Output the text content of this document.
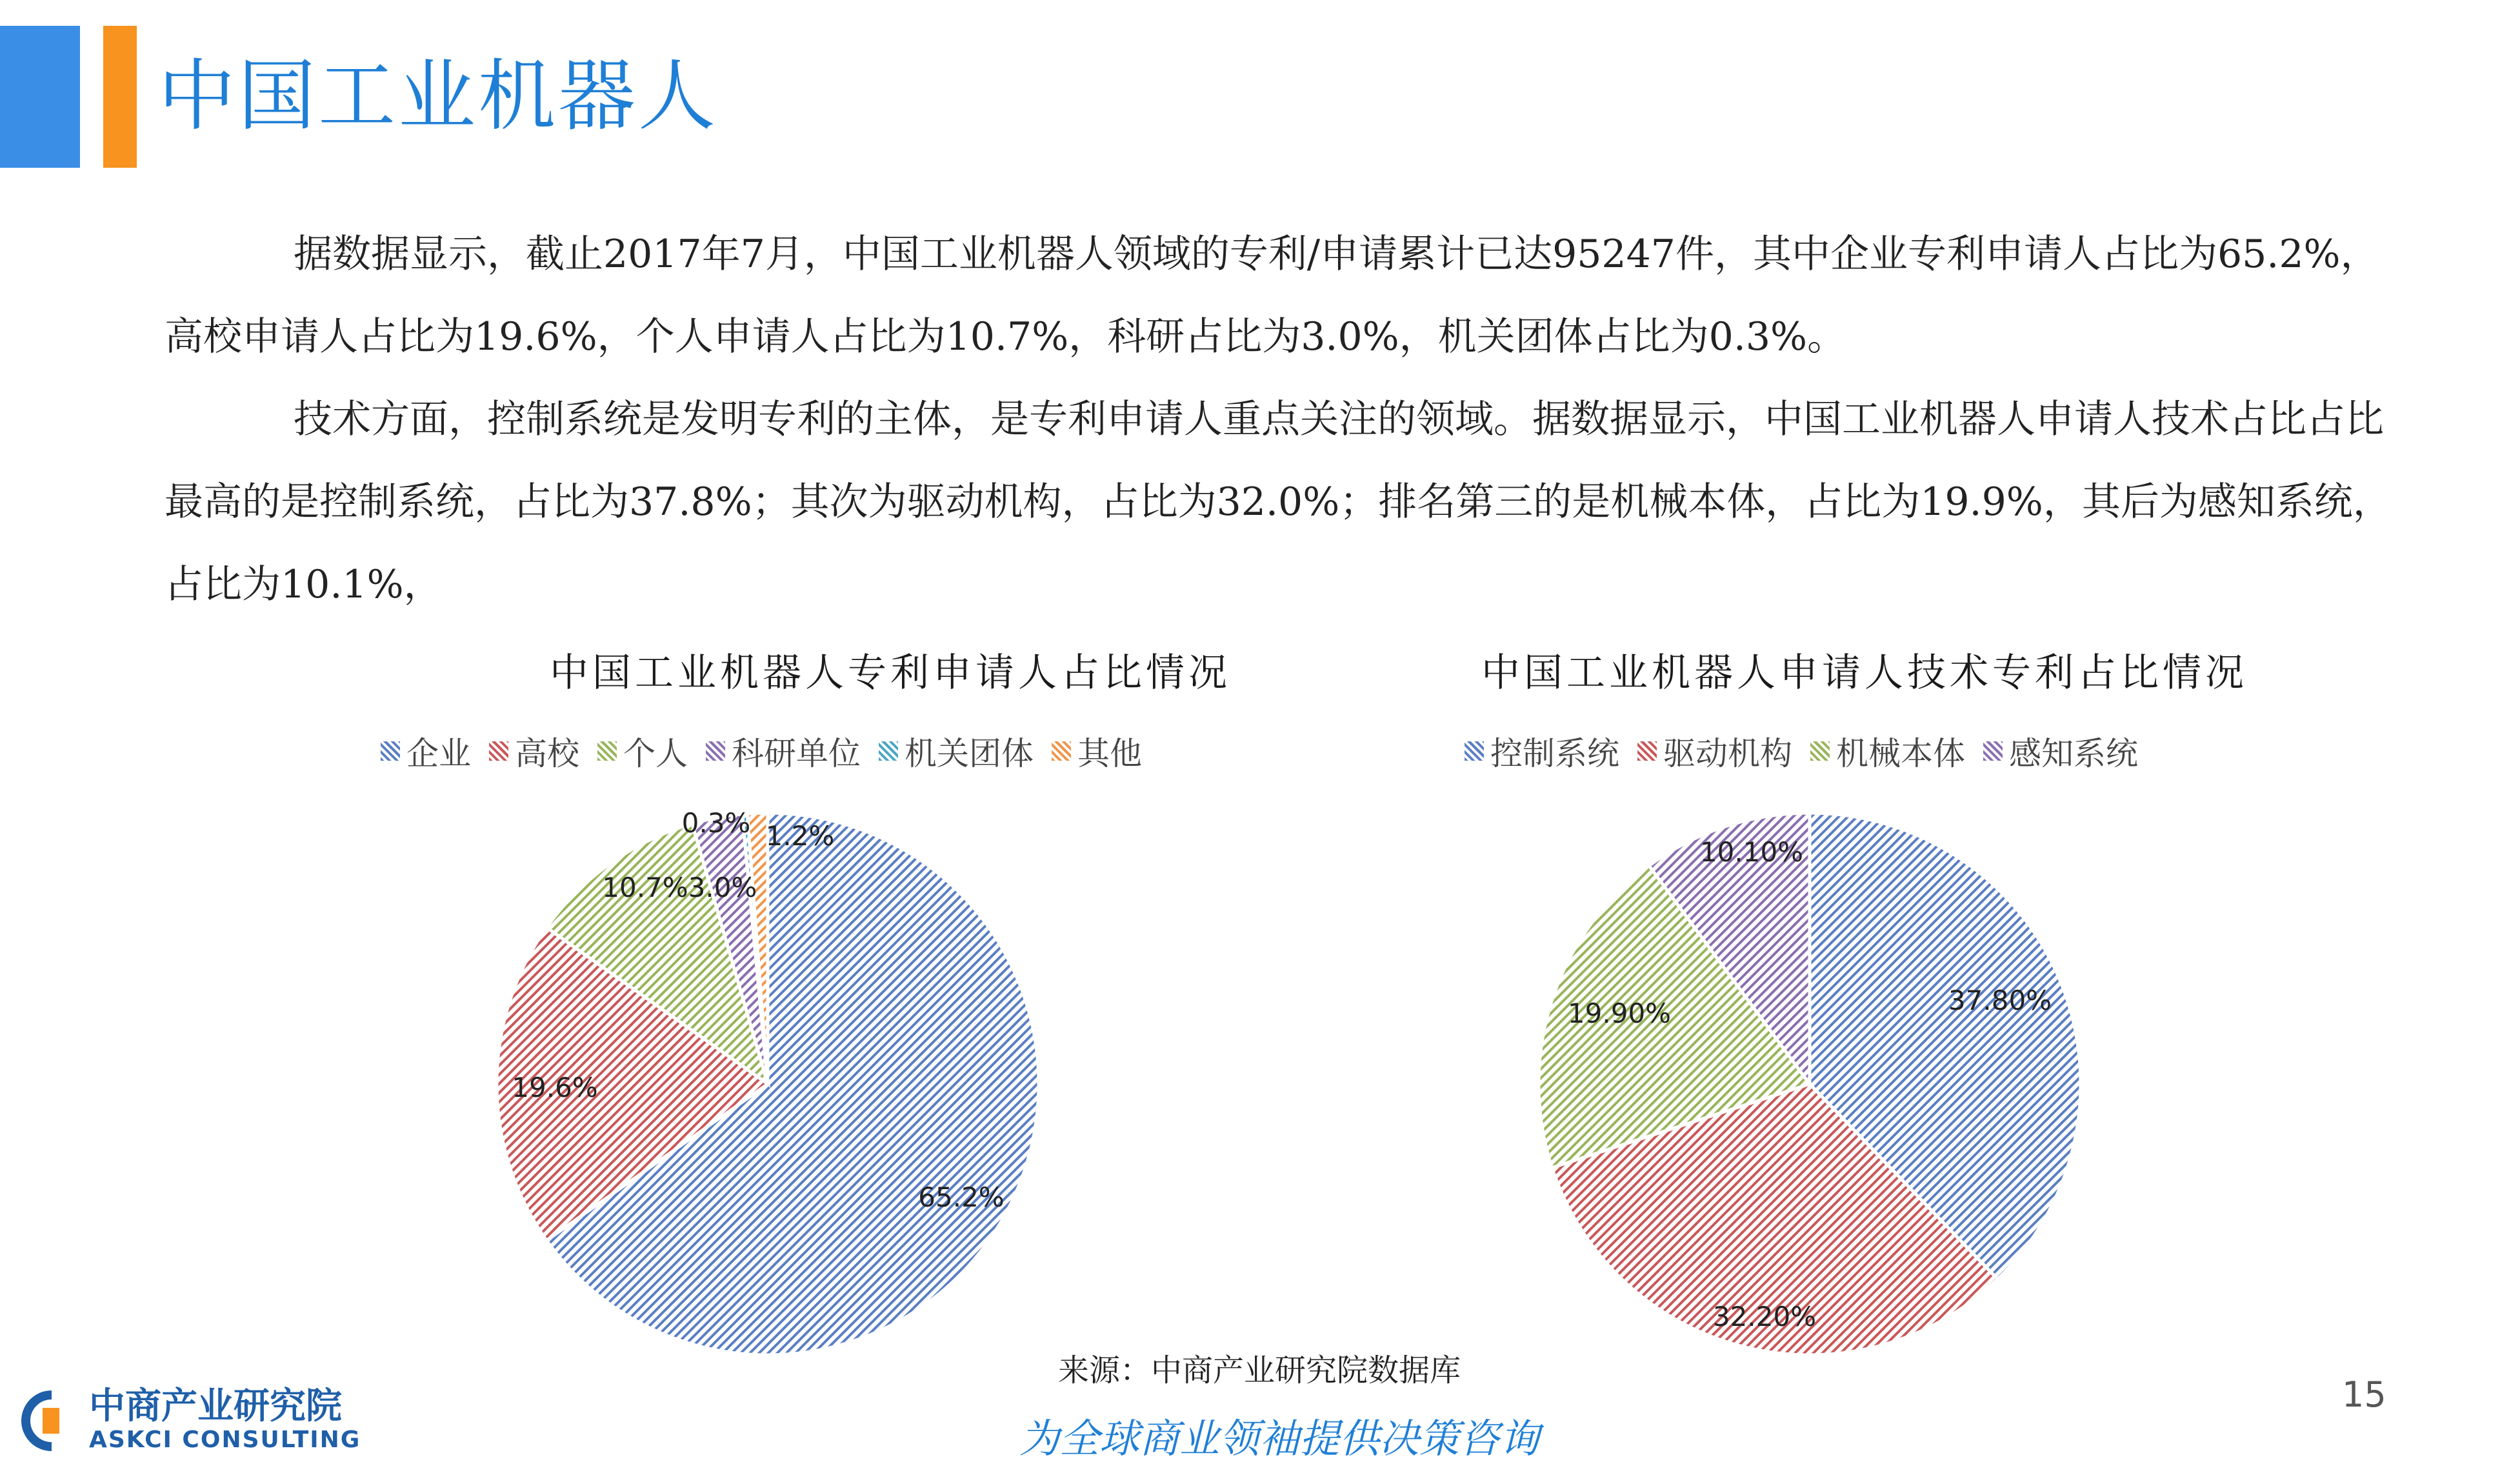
中国工业机器人

据数据显示，截止2017年7月，中国工业机器人领域的专利/申请累计已达95247件，其中企业专利申请人占比为65.2%，高校申请人占比为19.6%，个人申请人占比为10.7%，科研占比为3.0%，机关团体占比为0.3%。

技术方面，控制系统是发明专利的主体，是专利申请人重点关注的领域。据数据显示，中国工业机器人申请人技术占比占比最高的是控制系统，占比为37.8%；其次为驱动机构，占比为32.0%；排名第三的是机械本体，占比为19.9%，其后为感知系统，占比为10.1%，

中国工业机器人专利申请人占比情况
企业 高校 个人 科研单位 机关团体 其他
65.2%
19.6%
10.7% 3.0%
0.3% 1.2%
中国工业机器人申请人技术专利占比情况
控制系统 驱动机构 机械本体 感知系统
37.80%
32.20%
19.90%
10.10%
来源：中商产业研究院数据库
15
为全球商业领袖提供决策咨询
中商产业研究院
ASKCI CONSULTING
